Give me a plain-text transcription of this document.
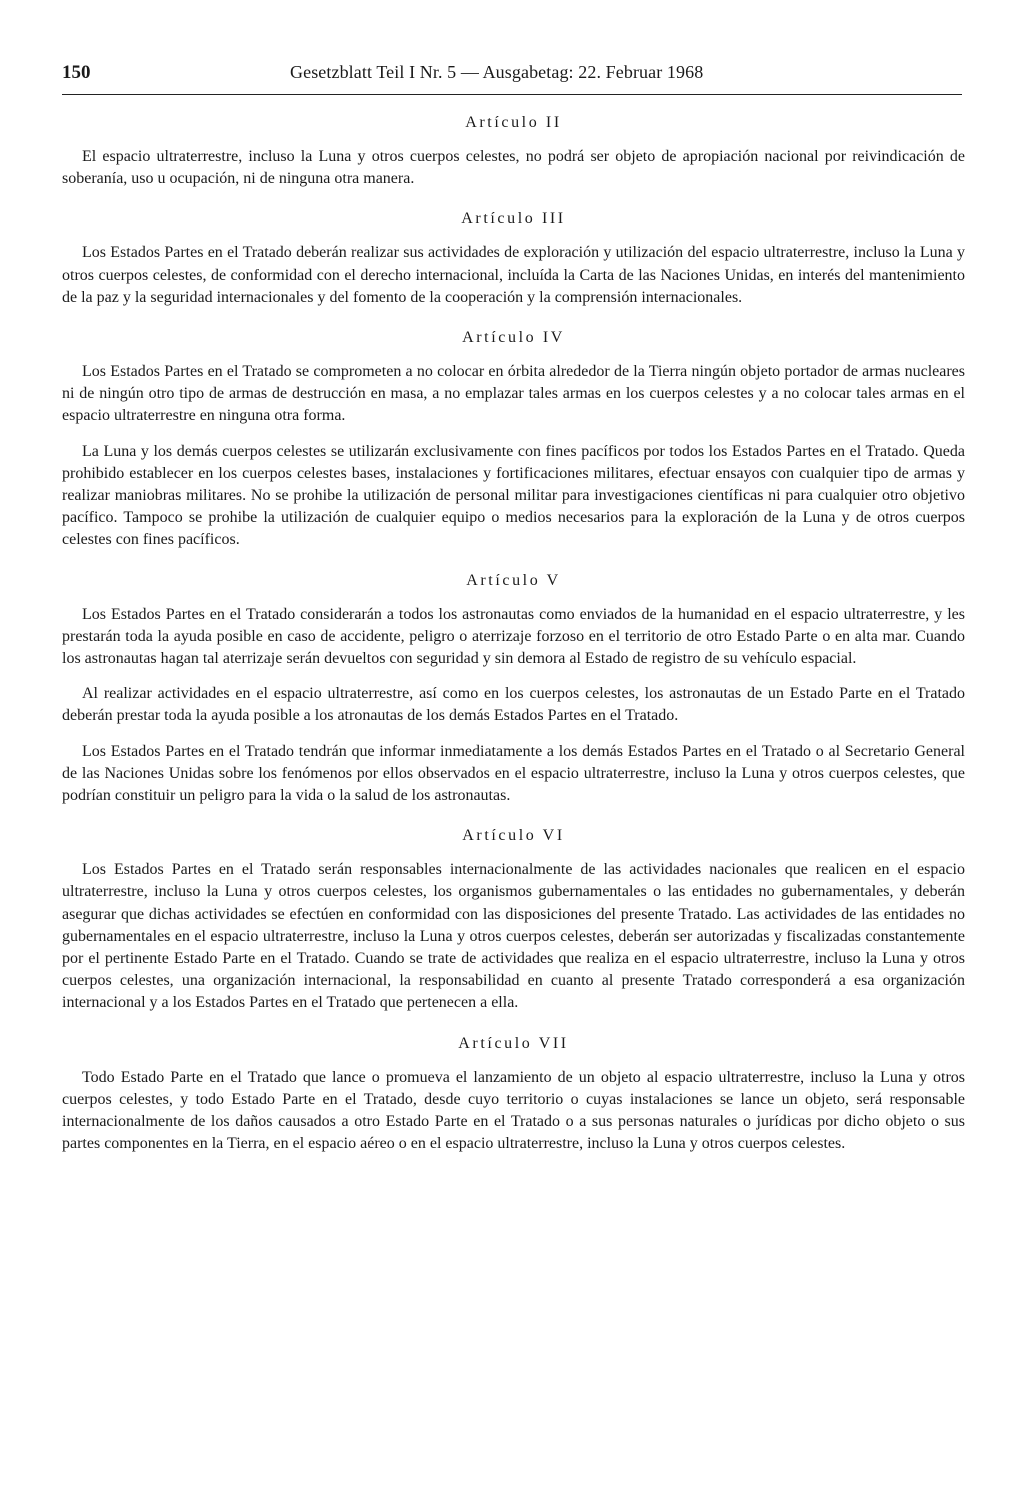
150	Gesetzblatt Teil I Nr. 5 — Ausgabetag: 22. Februar 1968
Artículo II

El espacio ultraterrestre, incluso la Luna y otros cuerpos celestes, no podrá ser objeto de apropiación nacional por reivindicación de soberanía, uso u ocupación, ni de ninguna otra manera.

Artículo III

Los Estados Partes en el Tratado deberán realizar sus actividades de exploración y utilización del espacio ultraterrestre, incluso la Luna y otros cuerpos celestes, de conformidad con el derecho internacional, incluída la Carta de las Naciones Unidas, en interés del mantenimiento de la paz y la seguridad internacionales y del fomento de la cooperación y la comprensión internacionales.

Artículo IV

Los Estados Partes en el Tratado se comprometen a no colocar en órbita alrededor de la Tierra ningún objeto portador de armas nucleares ni de ningún otro tipo de armas de destrucción en masa, a no emplazar tales armas en los cuerpos celestes y a no colocar tales armas en el espacio ultraterrestre en ninguna otra forma.

La Luna y los demás cuerpos celestes se utilizarán exclusivamente con fines pacíficos por todos los Estados Partes en el Tratado. Queda prohibido establecer en los cuerpos celestes bases, instalaciones y fortificaciones militares, efectuar ensayos con cualquier tipo de armas y realizar maniobras militares. No se prohibe la utilización de personal militar para investigaciones científicas ni para cualquier otro objetivo pacífico. Tampoco se prohibe la utilización de cualquier equipo o medios necesarios para la exploración de la Luna y de otros cuerpos celestes con fines pacíficos.

Artículo V

Los Estados Partes en el Tratado considerarán a todos los astronautas como enviados de la humanidad en el espacio ultraterrestre, y les prestarán toda la ayuda posible en caso de accidente, peligro o aterrizaje forzoso en el territorio de otro Estado Parte o en alta mar. Cuando los astronautas hagan tal aterrizaje serán devueltos con seguridad y sin demora al Estado de registro de su vehículo espacial.

Al realizar actividades en el espacio ultraterrestre, así como en los cuerpos celestes, los astronautas de un Estado Parte en el Tratado deberán prestar toda la ayuda posible a los atronautas de los demás Estados Partes en el Tratado.

Los Estados Partes en el Tratado tendrán que informar inmediatamente a los demás Estados Partes en el Tratado o al Secretario General de las Naciones Unidas sobre los fenómenos por ellos observados en el espacio ultraterrestre, incluso la Luna y otros cuerpos celestes, que podrían constituir un peligro para la vida o la salud de los astronautas.

Artículo VI

Los Estados Partes en el Tratado serán responsables internacionalmente de las actividades nacionales que realicen en el espacio ultraterrestre, incluso la Luna y otros cuerpos celestes, los organismos gubernamentales o las entidades no gubernamentales, y deberán asegurar que dichas actividades se efectúen en conformidad con las disposiciones del presente Tratado. Las actividades de las entidades no gubernamentales en el espacio ultraterrestre, incluso la Luna y otros cuerpos celestes, deberán ser autorizadas y fiscalizadas constantemente por el pertinente Estado Parte en el Tratado. Cuando se trate de actividades que realiza en el espacio ultraterrestre, incluso la Luna y otros cuerpos celestes, una organización internacional, la responsabilidad en cuanto al presente Tratado corresponderá a esa organización internacional y a los Estados Partes en el Tratado que pertenecen a ella.

Artículo VII

Todo Estado Parte en el Tratado que lance o promueva el lanzamiento de un objeto al espacio ultraterrestre, incluso la Luna y otros cuerpos celestes, y todo Estado Parte en el Tratado, desde cuyo territorio o cuyas instalaciones se lance un objeto, será responsable internacionalmente de los daños causados a otro Estado Parte en el Tratado o a sus personas naturales o jurídicas por dicho objeto o sus partes componentes en la Tierra, en el espacio aéreo o en el espacio ultraterrestre, incluso la Luna y otros cuerpos celestes.
